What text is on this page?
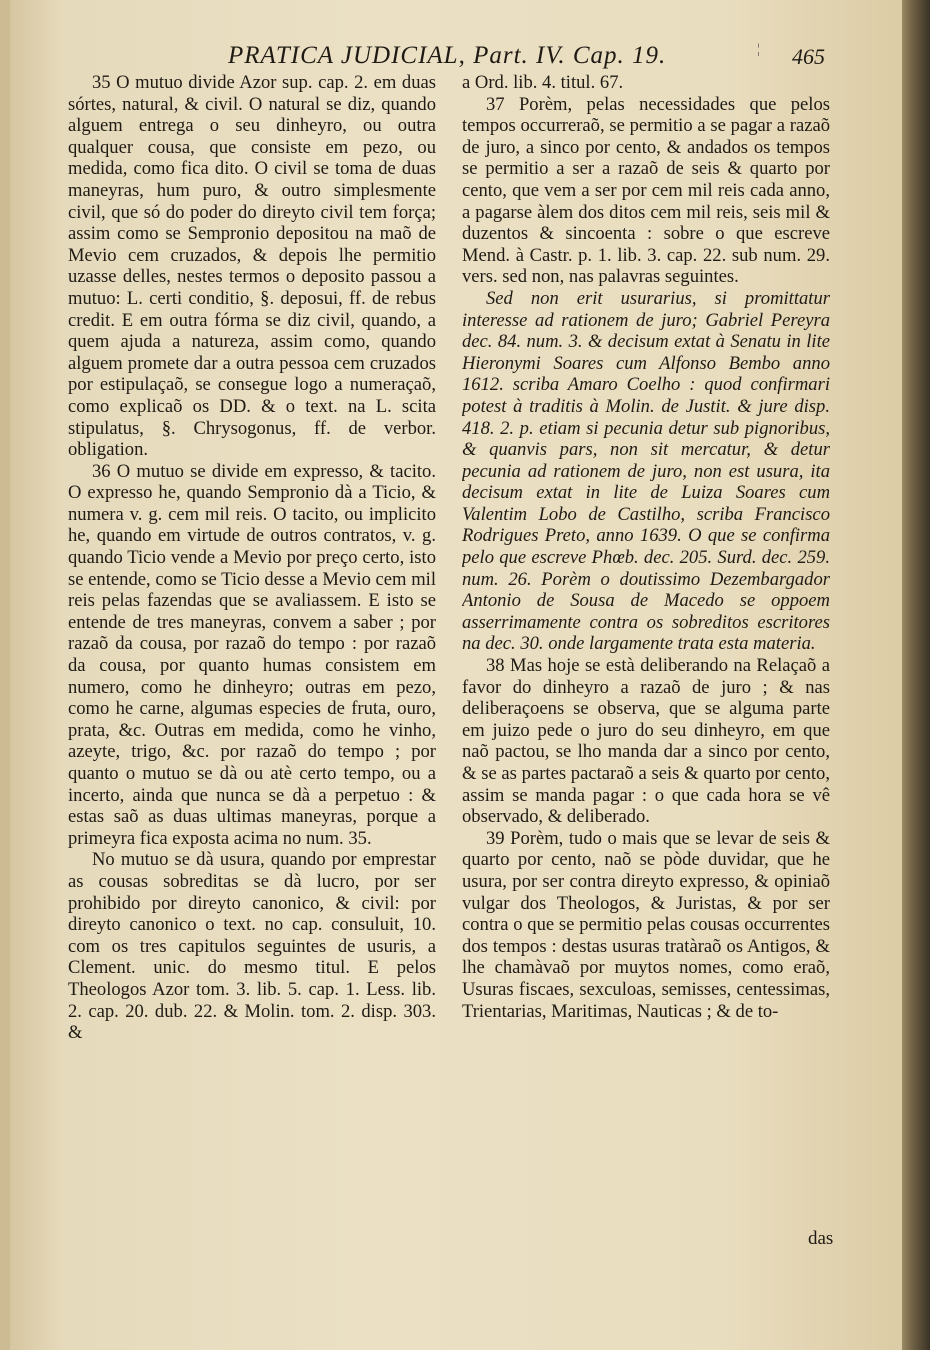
PRATICA JUDICIAL, Part. IV. Cap. 19.	¦ 465

35 O mutuo divide Azor sup. cap. 2. em duas sórtes, natural, & civil. O natural se diz, quando alguem entrega o seu dinheyro, ou outra qualquer cousa, que consiste em pezo, ou medida, como fica dito. O civil se toma de duas maneyras, hum puro, & outro simplesmente civil, que só do poder do direyto civil tem força; assim como se Sempronio depositou na maõ de Mevio cem cruzados, & depois lhe permitio uzasse delles, nestes termos o deposito passou a mutuo: L. certi conditio, §. deposui, ff. de rebus credit. E em outra fórma se diz civil, quando, a quem ajuda a natureza, assim como, quando alguem promete dar a outra pessoa cem cruzados por estipulaçaõ, se consegue logo a numeraçaõ, como explicaõ os DD. & o text. na L. scita stipulatus, §. Chrysogonus, ff. de verbor. obligation.

36 O mutuo se divide em expresso, & tacito. O expresso he, quando Sempronio dà a Ticio, & numera v. g. cem mil reis. O tacito, ou implicito he, quando em virtude de outros contratos, v. g. quando Ticio vende a Mevio por preço certo, isto se entende, como se Ticio desse a Mevio cem mil reis pelas fazendas que se avaliassem. E isto se entende de tres maneyras, convem a saber ; por razaõ da cousa, por razaõ do tempo : por razaõ da cousa, por quanto humas consistem em numero, como he dinheyro; outras em pezo, como he carne, algumas especies de fruta, ouro, prata, &c. Outras em medida, como he vinho, azeyte, trigo, &c. por razaõ do tempo ; por quanto o mutuo se dà ou atè certo tempo, ou a incerto, ainda que nunca se dà a perpetuo : & estas saõ as duas ultimas maneyras, porque a primeyra fica exposta acima no num. 35.

No mutuo se dà usura, quando por emprestar as cousas sobreditas se dà lucro, por ser prohibido por direyto canonico, & civil: por direyto canonico o text. no cap. consuluit, 10. com os tres capitulos seguintes de usuris, a Clement. unic. do mesmo titul. E pelos Theologos Azor tom. 3. lib. 5. cap. 1. Less. lib. 2. cap. 20. dub. 22. & Molin. tom. 2. disp. 303. &

a Ord. lib. 4. titul. 67.

37 Porèm, pelas necessidades que pelos tempos occurreraõ, se permitio a se pagar a razaõ de juro, a sinco por cento, & andados os tempos se permitio a ser a razaõ de seis & quarto por cento, que vem a ser por cem mil reis cada anno, a pagarse àlem dos ditos cem mil reis, seis mil & duzentos & sincoenta : sobre o que escreve Mend. à Castr. p. 1. lib. 3. cap. 22. sub num. 29. vers. sed non, nas palavras seguintes.

Sed non erit usurarius, si promittatur interesse ad rationem de juro; Gabriel Pereyra dec. 84. num. 3. & decisum extat à Senatu in lite Hieronymi Soares cum Alfonso Bembo anno 1612. scriba Amaro Coelho : quod confirmari potest à traditis à Molin. de Justit. & jure disp. 418. 2. p. etiam si pecunia detur sub pignoribus, & quanvis pars, non sit mercatur, & detur pecunia ad rationem de juro, non est usura, ita decisum extat in lite de Luiza Soares cum Valentim Lobo de Castilho, scriba Francisco Rodrigues Preto, anno 1639. O que se confirma pelo que escreve Phœb. dec. 205. Surd. dec. 259. num. 26. Porèm o doutissimo Dezembargador Antonio de Sousa de Macedo se oppoem asserrimamente contra os sobreditos escritores na dec. 30. onde largamente trata esta materia.

38 Mas hoje se està deliberando na Relaçaõ a favor do dinheyro a razaõ de juro ; & nas deliberaçoens se observa, que se alguma parte em juizo pede o juro do seu dinheyro, em que naõ pactou, se lho manda dar a sinco por cento, & se as partes pactaraõ a seis & quarto por cento, assim se manda pagar : o que cada hora se vê observado, & deliberado.

39 Porèm, tudo o mais que se levar de seis & quarto por cento, naõ se pòde duvidar, que he usura, por ser contra direyto expresso, & opiniaõ vulgar dos Theologos, & Juristas, & por ser contra o que se permitio pelas cousas occurrentes dos tempos : destas usuras tratàraõ os Antigos, & lhe chamàvaõ por muytos nomes, como eraõ, Usuras fiscaes, sexculoas, semisses, centessimas, Trientarias, Maritimas, Nauticas ; & de to-

das
